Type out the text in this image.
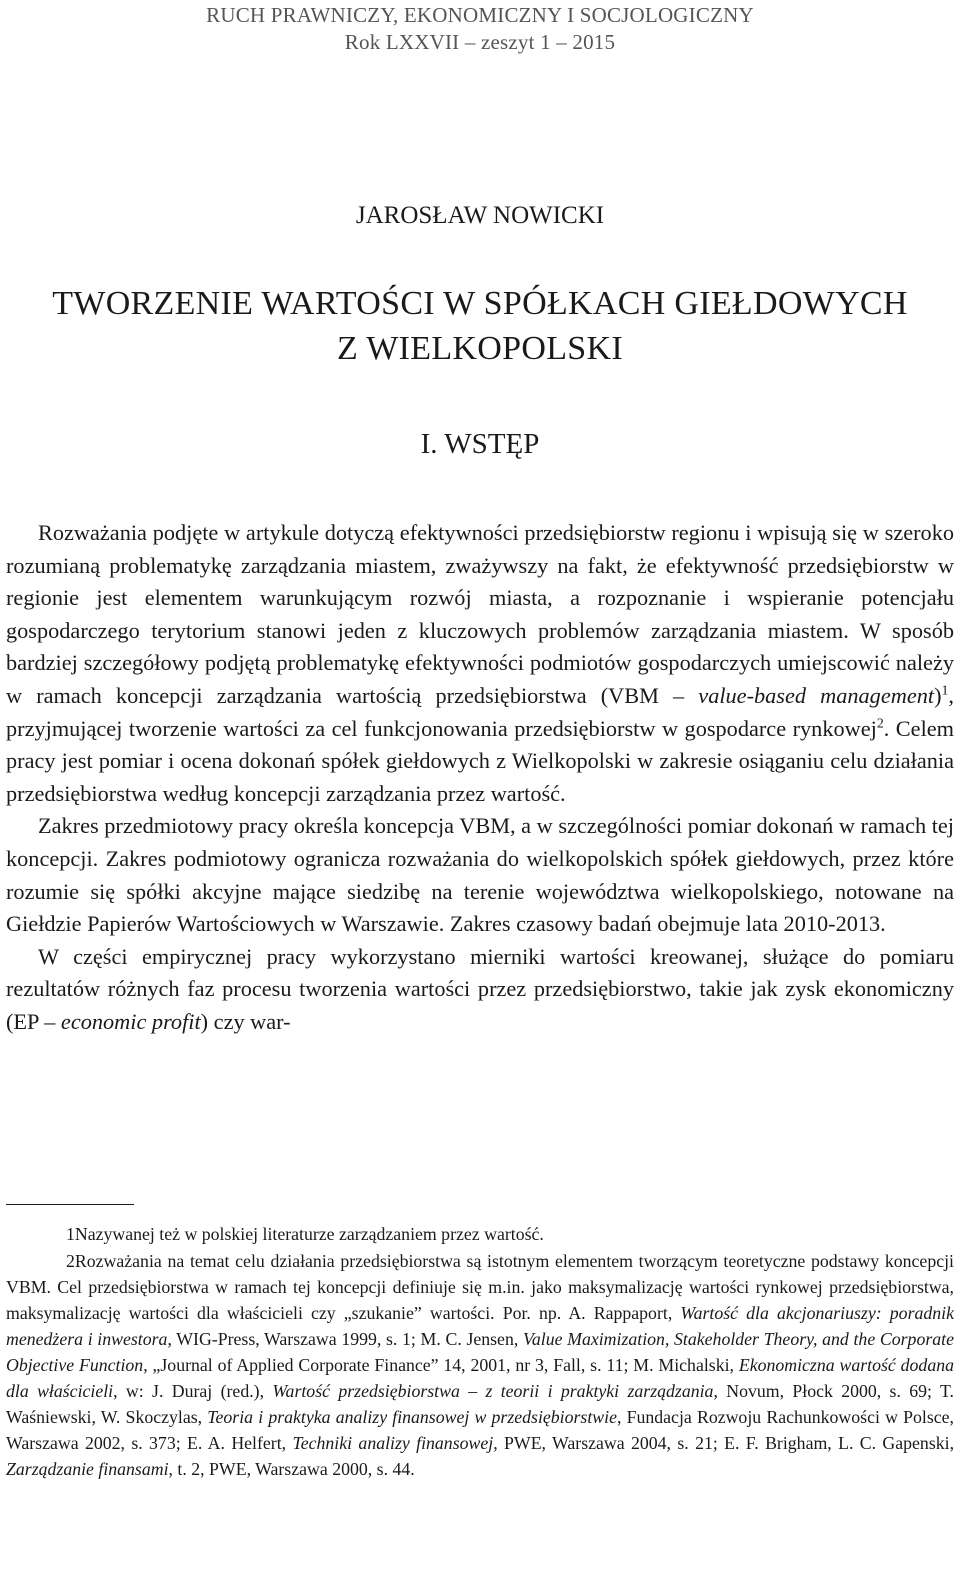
RUCH PRAWNICZY, EKONOMICZNY I SOCJOLOGICZNY
Rok LXXVII – zeszyt 1 – 2015
JAROSŁAW NOWICKI
TWORZENIE WARTOŚCI W SPÓŁKACH GIEŁDOWYCH
Z WIELKOPOLSKI
I. WSTĘP

Rozważania podjęte w artykule dotyczą efektywności przedsiębiorstw regionu i wpisują się w szeroko rozumianą problematykę zarządzania miastem, zważywszy na fakt, że efektywność przedsiębiorstw w regionie jest elementem warunkującym rozwój miasta, a rozpoznanie i wspieranie potencjału gospodarczego terytorium stanowi jeden z kluczowych problemów zarządzania miastem. W sposób bardziej szczegółowy podjętą problematykę efektywności podmiotów gospodarczych umiejscowić należy w ramach koncepcji zarządzania wartością przedsiębiorstwa (VBM – value-based management)$^1$, przyjmującej tworzenie wartości za cel funkcjonowania przedsiębiorstw w gospodarce rynkowej$^2$. Celem pracy jest pomiar i ocena dokonań spółek giełdowych z Wielkopolski w zakresie osiąganiu celu działania przedsiębiorstwa według koncepcji zarządzania przez wartość.

Zakres przedmiotowy pracy określa koncepcja VBM, a w szczególności pomiar dokonań w ramach tej koncepcji. Zakres podmiotowy ogranicza rozważania do wielkopolskich spółek giełdowych, przez które rozumie się spółki akcyjne mające siedzibę na terenie województwa wielkopolskiego, notowane na Giełdzie Papierów Wartościowych w Warszawie. Zakres czasowy badań obejmuje lata 2010-2013.

W części empirycznej pracy wykorzystano mierniki wartości kreowanej, służące do pomiaru rezultatów różnych faz procesu tworzenia wartości przez przedsiębiorstwo, takie jak zysk ekonomiczny (EP – economic profit) czy war-

1Nazywanej też w polskiej literaturze zarządzaniem przez wartość.

2Rozważania na temat celu działania przedsiębiorstwa są istotnym elementem tworzącym teoretyczne podstawy koncepcji VBM. Cel przedsiębiorstwa w ramach tej koncepcji definiuje się m.in. jako maksymalizację wartości rynkowej przedsiębiorstwa, maksymalizację wartości dla właścicieli czy „szukanie” wartości. Por. np. A. Rappaport, Wartość dla akcjonariuszy: poradnik menedżera i inwestora, WIG-Press, Warszawa 1999, s. 1; M. C. Jensen, Value Maximization, Stakeholder Theory, and the Corporate Objective Function, „Journal of Applied Corporate Finance” 14, 2001, nr 3, Fall, s. 11; M. Michalski, Ekonomiczna wartość dodana dla właścicieli, w: J. Duraj (red.), Wartość przedsiębiorstwa – z teorii i praktyki zarządzania, Novum, Płock 2000, s. 69; T. Waśniewski, W. Skoczylas, Teoria i praktyka analizy finansowej w przedsiębiorstwie, Fundacja Rozwoju Rachunkowości w Polsce, Warszawa 2002, s. 373; E. A. Helfert, Techniki analizy finansowej, PWE, Warszawa 2004, s. 21; E. F. Brigham, L. C. Gapenski, Zarządzanie finansami, t. 2, PWE, Warszawa 2000, s. 44.
